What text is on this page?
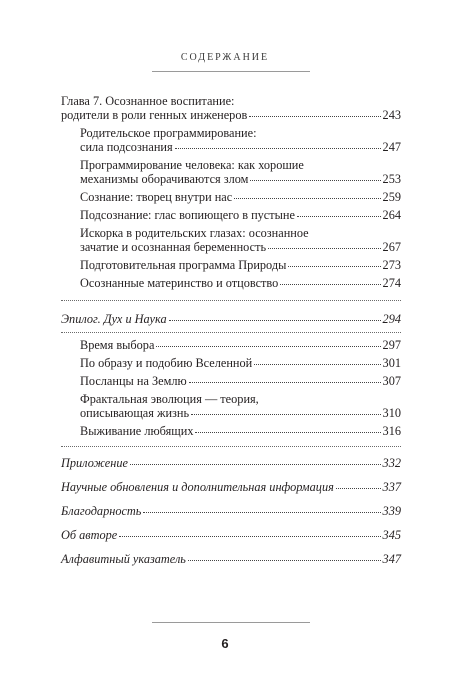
СОДЕРЖАНИЕ
Глава 7. Осознанное воспитание:
родители в роли генных инженеров	243
Родительское программирование:
сила подсознания	247
Программирование человека: как хорошие
механизмы оборачиваются злом	253
Сознание: творец внутри нас	259
Подсознание: глас вопиющего в пустыне	264
Искорка в родительских глазах: осознанное
зачатие и осознанная беременность	267
Подготовительная программа Природы	273
Осознанные материнство и отцовство	274
Эпилог. Дух и Наука	294
Время выбора	297
По образу и подобию Вселенной	301
Посланцы на Землю	307
Фрактальная эволюция — теория,
описывающая жизнь	310
Выживание любящих	316
Приложение	332
Научные обновления и дополнительная информация	337
Благодарность	339
Об авторе	345
Алфавитный указатель	347
6
